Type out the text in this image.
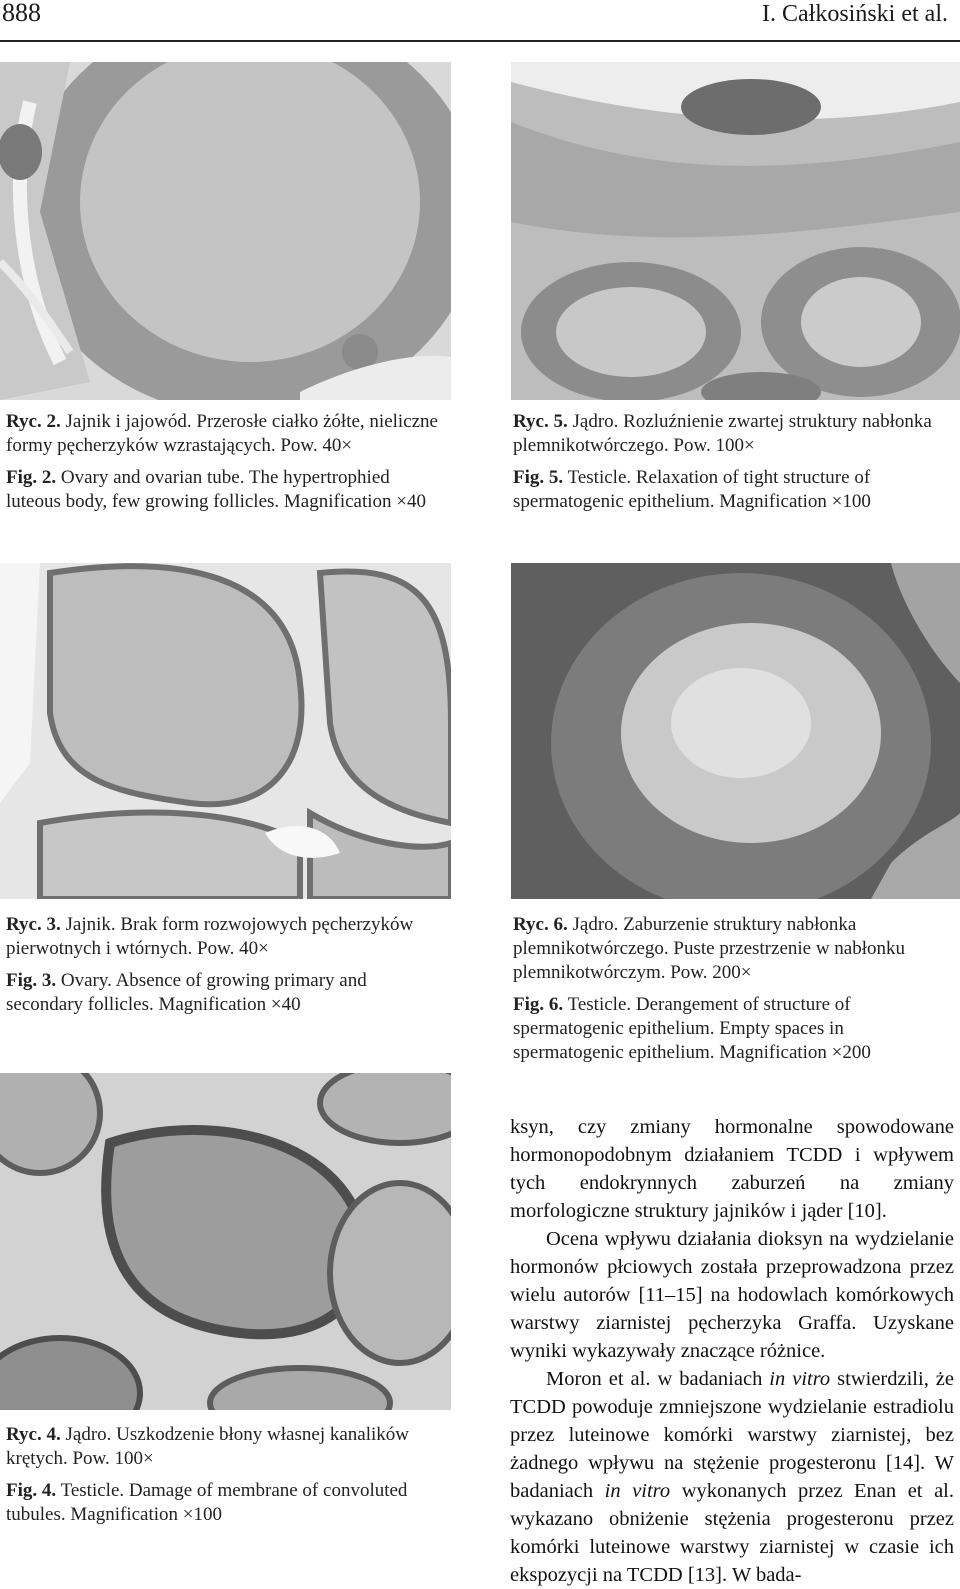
888	I. Całkosiński et al.

Ryc. 2. Jajnik i jajowód. Przerosłe ciałko żółte, nieliczne formy pęcherzyków wzrastających. Pow. 40×

Fig. 2. Ovary and ovarian tube. The hypertrophied luteous body, few growing follicles. Magnification ×40

Ryc. 5. Jądro. Rozluźnienie zwartej struktury nabłonka plemnikotwórczego. Pow. 100×

Fig. 5. Testicle. Relaxation of tight structure of spermatogenic epithelium. Magnification ×100

Ryc. 3. Jajnik. Brak form rozwojowych pęcherzyków pierwotnych i wtórnych. Pow. 40×

Fig. 3. Ovary. Absence of growing primary and secondary follicles. Magnification ×40

Ryc. 6. Jądro. Zaburzenie struktury nabłonka plemnikotwórczego. Puste przestrzenie w nabłonku plemnikotwórczym. Pow. 200×

Fig. 6. Testicle. Derangement of structure of spermatogenic epithelium. Empty spaces in spermatogenic epithelium. Magnification ×200

Ryc. 4. Jądro. Uszkodzenie błony własnej kanalików krętych. Pow. 100×

Fig. 4. Testicle. Damage of membrane of convoluted tubules. Magnification ×100

ksyn, czy zmiany hormonalne spowodowane hormonopodobnym działaniem TCDD i wpływem tych endokrynnych zaburzeń na zmiany morfologiczne struktury jajników i jąder [10].

Ocena wpływu działania dioksyn na wydzielanie hormonów płciowych została przeprowadzona przez wielu autorów [11–15] na hodowlach komórkowych warstwy ziarnistej pęcherzyka Graffa. Uzyskane wyniki wykazywały znaczące różnice.

Moron et al. w badaniach in vitro stwierdzili, że TCDD powoduje zmniejszone wydzielanie estradiolu przez luteinowe komórki warstwy ziarnistej, bez żadnego wpływu na stężenie progesteronu [14]. W badaniach in vitro wykonanych przez Enan et al. wykazano obniżenie stężenia progesteronu przez komórki luteinowe warstwy ziarnistej w czasie ich ekspozycji na TCDD [13]. W bada-
